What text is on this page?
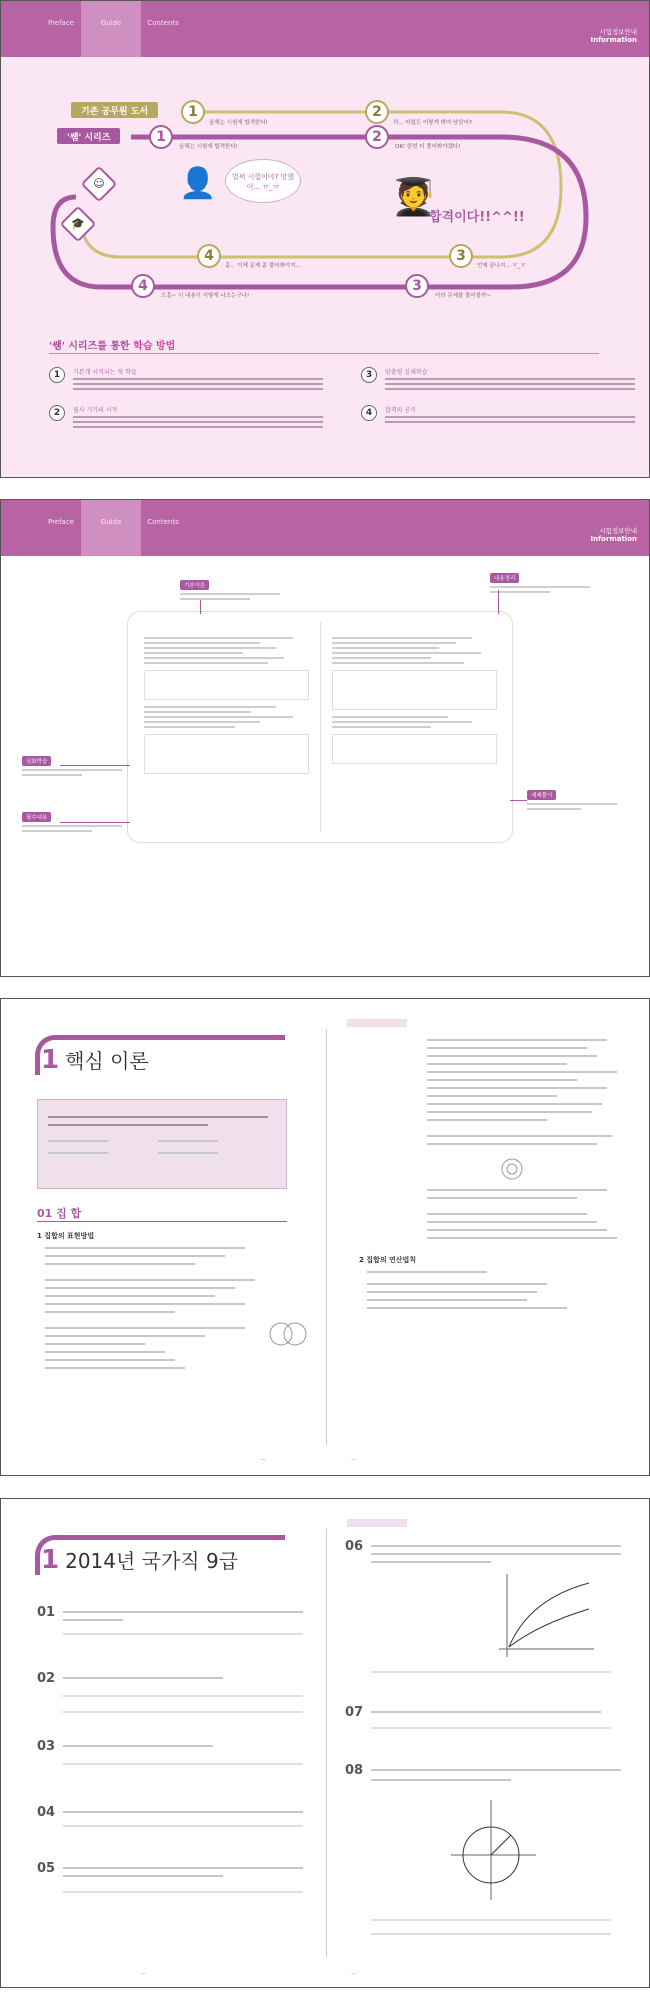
Preface	Guide	Contents
시험정보안내
Information
기존 공무원 도서
'쌤' 시리즈
1
올해는 시험에 합격한다!
2
허... 어렵도 어떻게 봐야 남았어?
3
언제 끝나지... ㅠ_ㅠ
4
흠... 이제 문제 좀 풀어봐야지...
1
올해는 시험에 합격한다!
2
OK! 한번 더 풀어봐야겠다!
3
어라 문제를 풀어볼까~
4
으흠~ 이 내용이 어떻게 나오는구나!
☺
🎓
👤	벌써 시험이야? 망했어... ㅠ_ㅠ	🧑‍🎓
합격이다!!^^!!
'쌤' 시리즈를 통한 학습 방법
1	기본개 시작되는 첫 학습
2	필사 기기의 시작
3	맞춤형 실제학습
4	합격의 공식
Preface	Guide	Contents
시험정보안내
Information
기본이론
내용정리
심화학습
필수내용
예제풀이
1 핵심 이론
01 집 합
1 집합의 표현방법
—
2 집합의 연산법칙
—
1 2014년 국가직 9급
01
02
03
04
05
—
06
07
08
—
